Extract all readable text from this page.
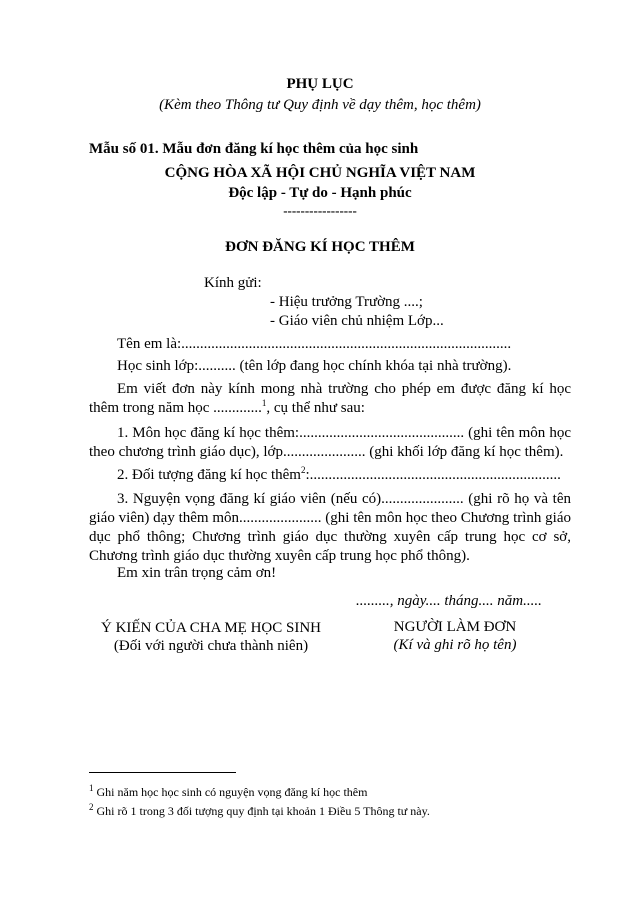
PHỤ LỤC
(Kèm theo Thông tư Quy định về dạy thêm, học thêm)
Mẫu số 01. Mẫu đơn đăng kí học thêm của học sinh
CỘNG HÒA XÃ HỘI CHỦ NGHĨA VIỆT NAM
Độc lập - Tự do - Hạnh phúc
-----------------
ĐƠN ĐĂNG KÍ HỌC THÊM
Kính gửi:
- Hiệu trưởng Trường ....;
- Giáo viên chủ nhiệm Lớp...
Tên em là:........................................................................................
Học sinh lớp:.......... (tên lớp đang học chính khóa tại nhà trường).
Em viết đơn này kính mong nhà trường cho phép em được đăng kí học thêm trong năm học .............$^1$, cụ thể như sau:
1. Môn học đăng kí học thêm:............................................ (ghi tên môn học theo chương trình giáo dục), lớp...................... (ghi khối lớp đăng kí học thêm).
2. Đối tượng đăng kí học thêm$^2$:...................................................................
3. Nguyện vọng đăng kí giáo viên (nếu có)...................... (ghi rõ họ và tên giáo viên) dạy thêm môn...................... (ghi tên môn học theo Chương trình giáo dục phổ thông; Chương trình giáo dục thường xuyên cấp trung học cơ sở, Chương trình giáo dục thường xuyên cấp trung học phổ thông).
Em xin trân trọng cảm ơn!
........., ngày.... tháng.... năm.....
Ý KIẾN CỦA CHA MẸ HỌC SINH
(Đối với người chưa thành niên)
NGƯỜI LÀM ĐƠN
(Kí và ghi rõ họ tên)
$^1$ Ghi năm học học sinh có nguyện vọng đăng kí học thêm
$^2$ Ghi rõ 1 trong 3 đối tượng quy định tại khoản 1 Điều 5 Thông tư này.
